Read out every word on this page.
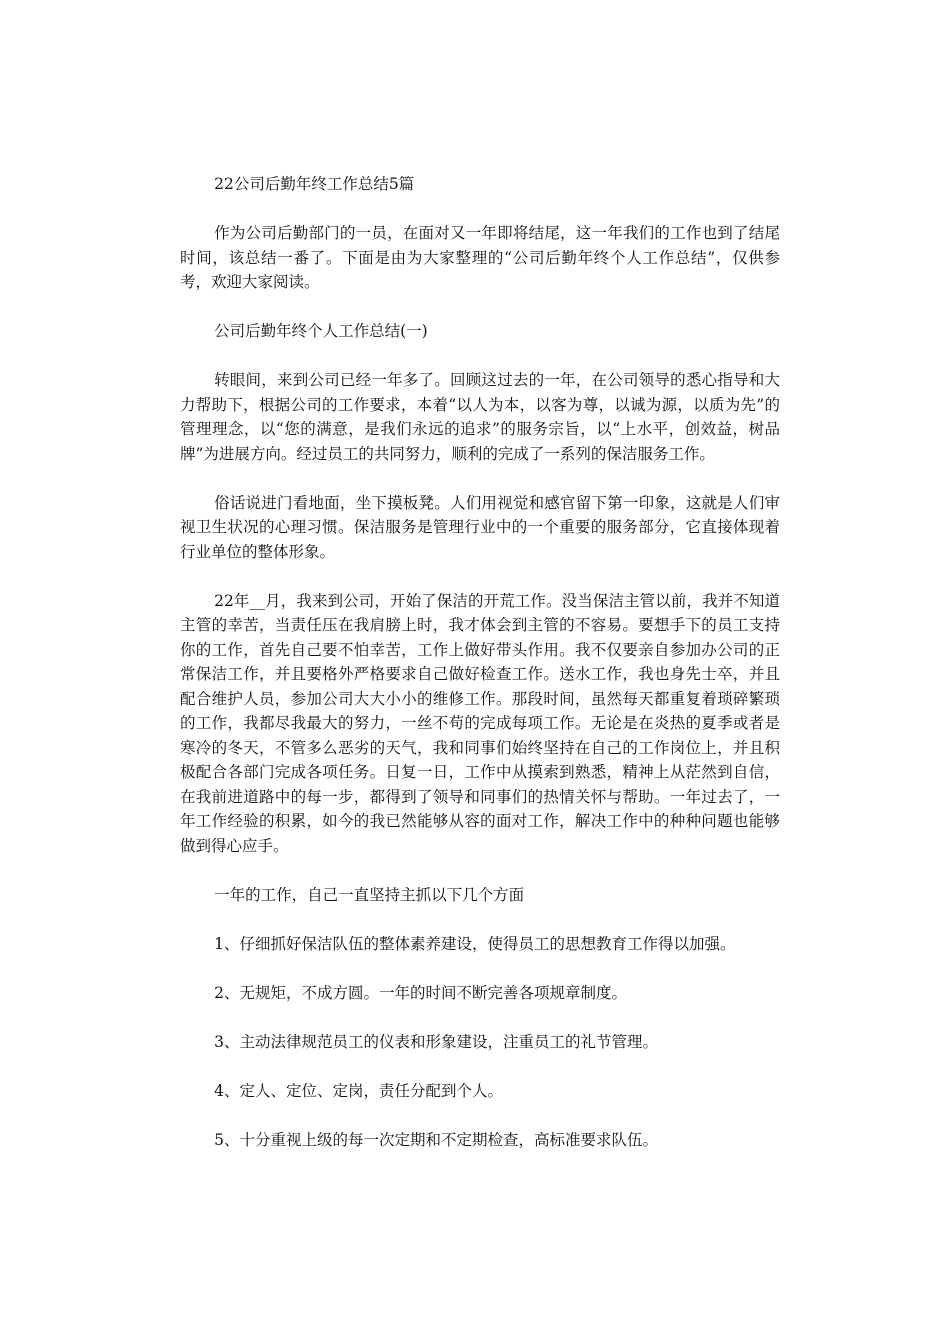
22公司后勤年终工作总结5篇

作为公司后勤部门的一员，在面对又一年即将结尾，这一年我们的工作也到了结尾时间，该总结一番了。下面是由为大家整理的“公司后勤年终个人工作总结”，仅供参考，欢迎大家阅读。

公司后勤年终个人工作总结(一)

转眼间，来到公司已经一年多了。回顾这过去的一年，在公司领导的悉心指导和大力帮助下，根据公司的工作要求，本着“以人为本，以客为尊，以诚为源，以质为先”的管理理念，以“您的满意，是我们永远的追求”的服务宗旨，以“上水平，创效益，树品牌”为进展方向。经过员工的共同努力，顺利的完成了一系列的保洁服务工作。

俗话说进门看地面，坐下摸板凳。人们用视觉和感官留下第一印象，这就是人们审视卫生状况的心理习惯。保洁服务是管理行业中的一个重要的服务部分，它直接体现着行业单位的整体形象。

22年__月，我来到公司，开始了保洁的开荒工作。没当保洁主管以前，我并不知道主管的幸苦，当责任压在我肩膀上时，我才体会到主管的不容易。要想手下的员工支持你的工作，首先自己要不怕幸苦，工作上做好带头作用。我不仅要亲自参加办公司的正常保洁工作，并且要格外严格要求自己做好检查工作。送水工作，我也身先士卒，并且配合维护人员，参加公司大大小小的维修工作。那段时间，虽然每天都重复着琐碎繁琐的工作，我都尽我最大的努力，一丝不苟的完成每项工作。无论是在炎热的夏季或者是寒冷的冬天，不管多么恶劣的天气，我和同事们始终坚持在自己的工作岗位上，并且积极配合各部门完成各项任务。日复一日，工作中从摸索到熟悉，精神上从茫然到自信，在我前进道路中的每一步，都得到了领导和同事们的热情关怀与帮助。一年过去了，一年工作经验的积累，如今的我已然能够从容的面对工作，解决工作中的种种问题也能够做到得心应手。

一年的工作，自己一直坚持主抓以下几个方面

1、仔细抓好保洁队伍的整体素养建设，使得员工的思想教育工作得以加强。

2、无规矩，不成方圆。一年的时间不断完善各项规章制度。

3、主动法律规范员工的仪表和形象建设，注重员工的礼节管理。

4、定人、定位、定岗，责任分配到个人。

5、十分重视上级的每一次定期和不定期检查，高标准要求队伍。
